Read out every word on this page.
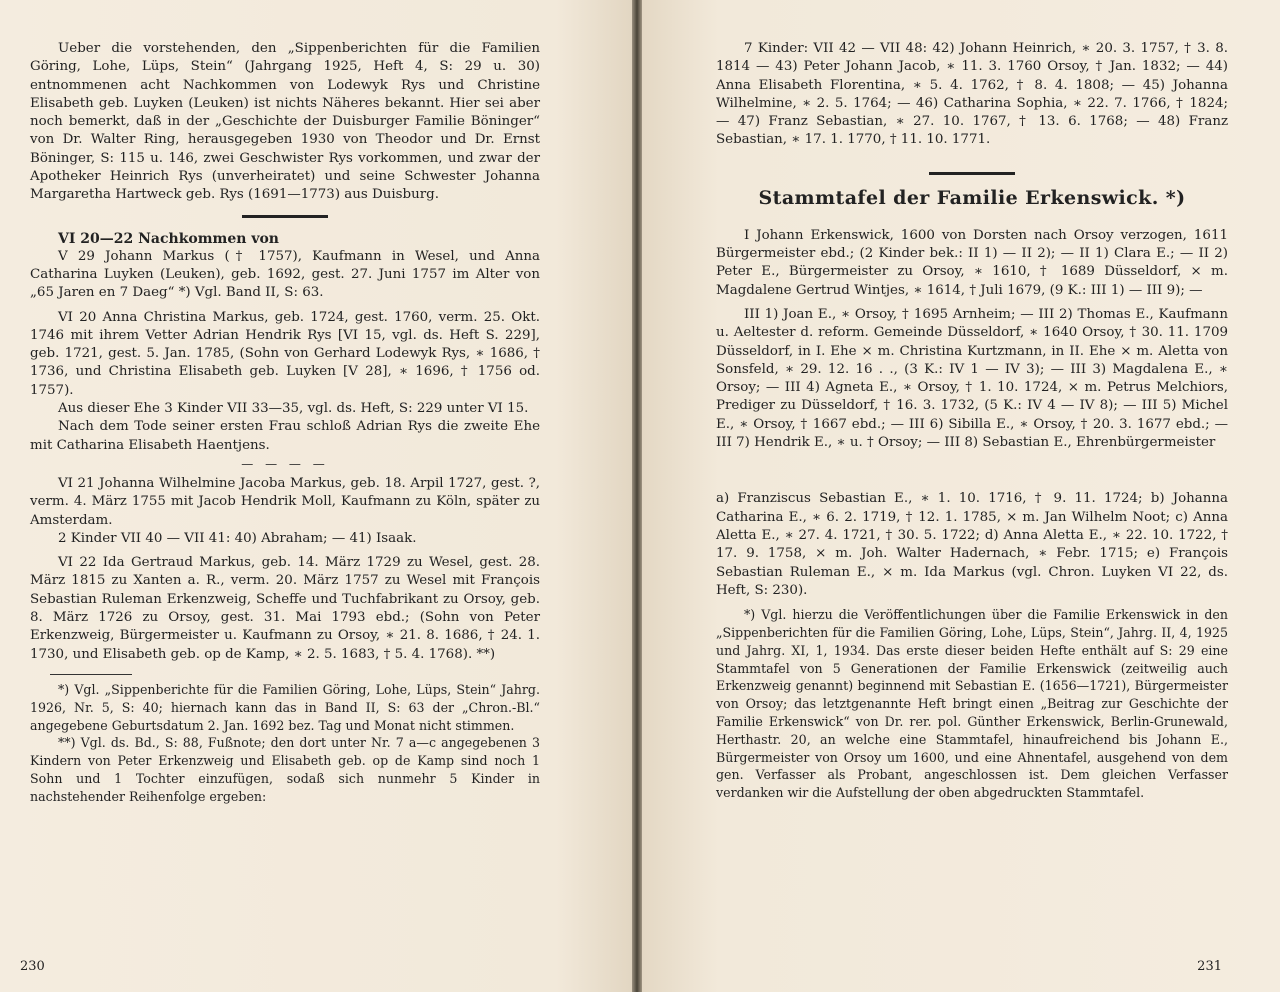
Ueber die vorstehenden, den „Sippenberichten für die Familien Göring, Lohe, Lüps, Stein“ (Jahrgang 1925, Heft 4, S: 29 u. 30) entnommenen acht Nachkommen von Lodewyk Rys und Christine Elisabeth geb. Luyken (Leuken) ist nichts Näheres bekannt. Hier sei aber noch bemerkt, daß in der „Geschichte der Duisburger Familie Böninger“ von Dr. Walter Ring, herausgegeben 1930 von Theodor und Dr. Ernst Böninger, S: 115 u. 146, zwei Geschwister Rys vorkommen, und zwar der Apotheker Heinrich Rys (unverheiratet) und seine Schwester Johanna Margaretha Hartweck geb. Rys (1691—1773) aus Duisburg.

VI 20—22 Nachkommen von

V 29 Johann Markus († 1757), Kaufmann in Wesel, und Anna Catharina Luyken (Leuken), geb. 1692, gest. 27. Juni 1757 im Alter von „65 Jaren en 7 Daeg“ *) Vgl. Band II, S: 63.

VI 20 Anna Christina Markus, geb. 1724, gest. 1760, verm. 25. Okt. 1746 mit ihrem Vetter Adrian Hendrik Rys [VI 15, vgl. ds. Heft S. 229], geb. 1721, gest. 5. Jan. 1785, (Sohn von Gerhard Lodewyk Rys, ∗ 1686, † 1736, und Christina Elisabeth geb. Luyken [V 28], ∗ 1696, † 1756 od. 1757).

Aus dieser Ehe 3 Kinder VII 33—35, vgl. ds. Heft, S: 229 unter VI 15.

Nach dem Tode seiner ersten Frau schloß Adrian Rys die zweite Ehe mit Catharina Elisabeth Haentjens.

— — — —

VI 21 Johanna Wilhelmine Jacoba Markus, geb. 18. Arpil 1727, gest. ?, verm. 4. März 1755 mit Jacob Hendrik Moll, Kaufmann zu Köln, später zu Amsterdam.

2 Kinder VII 40 — VII 41: 40) Abraham; — 41) Isaak.

VI 22 Ida Gertraud Markus, geb. 14. März 1729 zu Wesel, gest. 28. März 1815 zu Xanten a. R., verm. 20. März 1757 zu Wesel mit François Sebastian Ruleman Erkenzweig, Scheffe und Tuchfabrikant zu Orsoy, geb. 8. März 1726 zu Orsoy, gest. 31. Mai 1793 ebd.; (Sohn von Peter Erkenzweig, Bürgermeister u. Kaufmann zu Orsoy, ∗ 21. 8. 1686, † 24. 1. 1730, und Elisabeth geb. op de Kamp, ∗ 2. 5. 1683, † 5. 4. 1768). **)

*) Vgl. „Sippenberichte für die Familien Göring, Lohe, Lüps, Stein“ Jahrg. 1926, Nr. 5, S: 40; hiernach kann das in Band II, S: 63 der „Chron.-Bl.“ angegebene Geburtsdatum 2. Jan. 1692 bez. Tag und Monat nicht stimmen.

**) Vgl. ds. Bd., S: 88, Fußnote; den dort unter Nr. 7 a—c angegebenen 3 Kindern von Peter Erkenzweig und Elisabeth geb. op de Kamp sind noch 1 Sohn und 1 Tochter einzufügen, sodaß sich nunmehr 5 Kinder in nachstehender Reihenfolge ergeben:

230

7 Kinder: VII 42 — VII 48: 42) Johann Heinrich, ∗ 20. 3. 1757, † 3. 8. 1814 — 43) Peter Johann Jacob, ∗ 11. 3. 1760 Orsoy, † Jan. 1832; — 44) Anna Elisabeth Florentina, ∗ 5. 4. 1762, † 8. 4. 1808; — 45) Johanna Wilhelmine, ∗ 2. 5. 1764; — 46) Catharina Sophia, ∗ 22. 7. 1766, † 1824; — 47) Franz Sebastian, ∗ 27. 10. 1767, † 13. 6. 1768; — 48) Franz Sebastian, ∗ 17. 1. 1770, † 11. 10. 1771.

Stammtafel der Familie Erkenswick. *)

I Johann Erkenswick, 1600 von Dorsten nach Orsoy verzogen, 1611 Bürgermeister ebd.; (2 Kinder bek.: II 1) — II 2); — II 1) Clara E.; — II 2) Peter E., Bürgermeister zu Orsoy, ∗ 1610, † 1689 Düsseldorf, × m. Magdalene Gertrud Wintjes, ∗ 1614, † Juli 1679, (9 K.: III 1) — III 9); —

III 1) Joan E., ∗ Orsoy, † 1695 Arnheim; — III 2) Thomas E., Kaufmann u. Aeltester d. reform. Gemeinde Düsseldorf, ∗ 1640 Orsoy, † 30. 11. 1709 Düsseldorf, in I. Ehe × m. Christina Kurtzmann, in II. Ehe × m. Aletta von Sonsfeld, ∗ 29. 12. 16 . ., (3 K.: IV 1 — IV 3); — III 3) Magdalena E., ∗ Orsoy; — III 4) Agneta E., ∗ Orsoy, † 1. 10. 1724, × m. Petrus Melchiors, Prediger zu Düsseldorf, † 16. 3. 1732, (5 K.: IV 4 — IV 8); — III 5) Michel E., ∗ Orsoy, † 1667 ebd.; — III 6) Sibilla E., ∗ Orsoy, † 20. 3. 1677 ebd.; — III 7) Hendrik E., ∗ u. † Orsoy; — III 8) Sebastian E., Ehrenbürgermeister

a) Franziscus Sebastian E., ∗ 1. 10. 1716, † 9. 11. 1724; b) Johanna Catharina E., ∗ 6. 2. 1719, † 12. 1. 1785, × m. Jan Wilhelm Noot; c) Anna Aletta E., ∗ 27. 4. 1721, † 30. 5. 1722; d) Anna Aletta E., ∗ 22. 10. 1722, † 17. 9. 1758, × m. Joh. Walter Hadernach, ∗ Febr. 1715; e) François Sebastian Ruleman E., × m. Ida Markus (vgl. Chron. Luyken VI 22, ds. Heft, S: 230).

*) Vgl. hierzu die Veröffentlichungen über die Familie Erkenswick in den „Sippenberichten für die Familien Göring, Lohe, Lüps, Stein“, Jahrg. II, 4, 1925 und Jahrg. XI, 1, 1934. Das erste dieser beiden Hefte enthält auf S: 29 eine Stammtafel von 5 Generationen der Familie Erkenswick (zeitweilig auch Erkenzweig genannt) beginnend mit Sebastian E. (1656—1721), Bürgermeister von Orsoy; das letztgenannte Heft bringt einen „Beitrag zur Geschichte der Familie Erkenswick“ von Dr. rer. pol. Günther Erkenswick, Berlin-Grunewald, Herthastr. 20, an welche eine Stammtafel, hinaufreichend bis Johann E., Bürgermeister von Orsoy um 1600, und eine Ahnentafel, ausgehend von dem gen. Verfasser als Probant, angeschlossen ist. Dem gleichen Verfasser verdanken wir die Aufstellung der oben abgedruckten Stammtafel.

231
